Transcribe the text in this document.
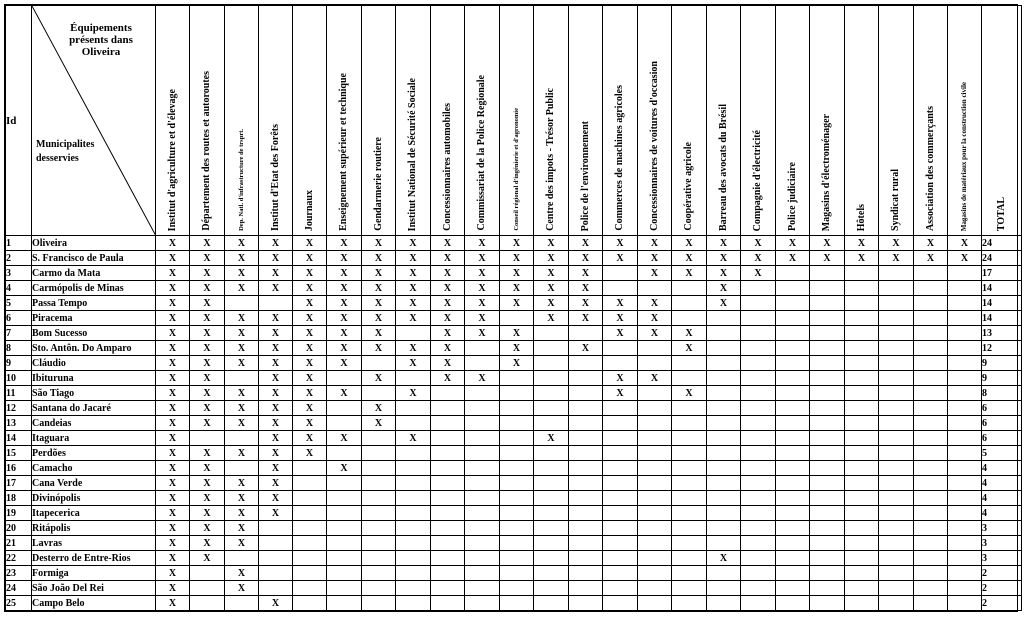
Id	Équipements présents dans Oliveira
Municipalites desservies	Institut d'agriculture et d'élevage	Département des routes et autoroutes	Dep. Natl. d'infrastructure de trsprt.	Institut d'Etat des Forêts	Journaux	Enseignement supérieur et technique	Gendarmerie routiere	Institut National de Sécurité Sociale	Concessionnaires automobiles	Commissariat de la Police Regionale	Conseil régional d'ingénierie et d'agronomie	Centre des impots - Trésor Public	Police de l'environnement	Commerces de machines agricoles	Concessionnaires de voitures d'occasion	Coopérative agricole	Barreau des avocats du Brésil	Compagnie d'électricité	Police judiciaire	Magasins d'électroménager	Hôtels	Syndicat rural	Association des commerçants	Magasins de matériaux pour la construction civile	TOTAL

1	Oliveira	X	X	X	X	X	X	X	X	X	X	X	X	X	X	X	X	X	X	X	X	X	X	X	X	24
2	S. Francisco de Paula	X	X	X	X	X	X	X	X	X	X	X	X	X	X	X	X	X	X	X	X	X	X	X	X	24
3	Carmo da Mata	X	X	X	X	X	X	X	X	X	X	X	X	X		X	X	X	X							17
4	Carmópolis de Minas	X	X	X	X	X	X	X	X	X	X	X	X	X				X								14
5	Passa Tempo	X	X			X	X	X	X	X	X	X	X	X	X	X		X								14
6	Piracema	X	X	X	X	X	X	X	X	X	X		X	X	X	X										14
7	Bom Sucesso	X	X	X	X	X	X	X		X	X	X			X	X	X									13
8	Sto. Antôn. Do Amparo	X	X	X	X	X	X	X	X	X		X		X			X									12
9	Cláudio	X	X	X	X	X	X		X	X		X														9
10	Ibituruna	X	X		X	X		X		X	X				X	X										9
11	São Tiago	X	X	X	X	X	X		X						X		X									8
12	Santana do Jacaré	X	X	X	X	X		X																		6
13	Candeias	X	X	X	X	X		X																		6
14	Itaguara	X			X	X	X		X				X													6
15	Perdões	X	X	X	X	X																				5
16	Camacho	X	X		X		X																			4
17	Cana Verde	X	X	X	X																					4
18	Divinópolis	X	X	X	X																					4
19	Itapecerica	X	X	X	X																					4
20	Ritápolis	X	X	X																						3
21	Lavras	X	X	X																						3
22	Desterro de Entre-Rios	X	X															X								3
23	Formiga	X		X																						2
24	São João Del Rei	X		X																						2
25	Campo Belo	X			X																					2
